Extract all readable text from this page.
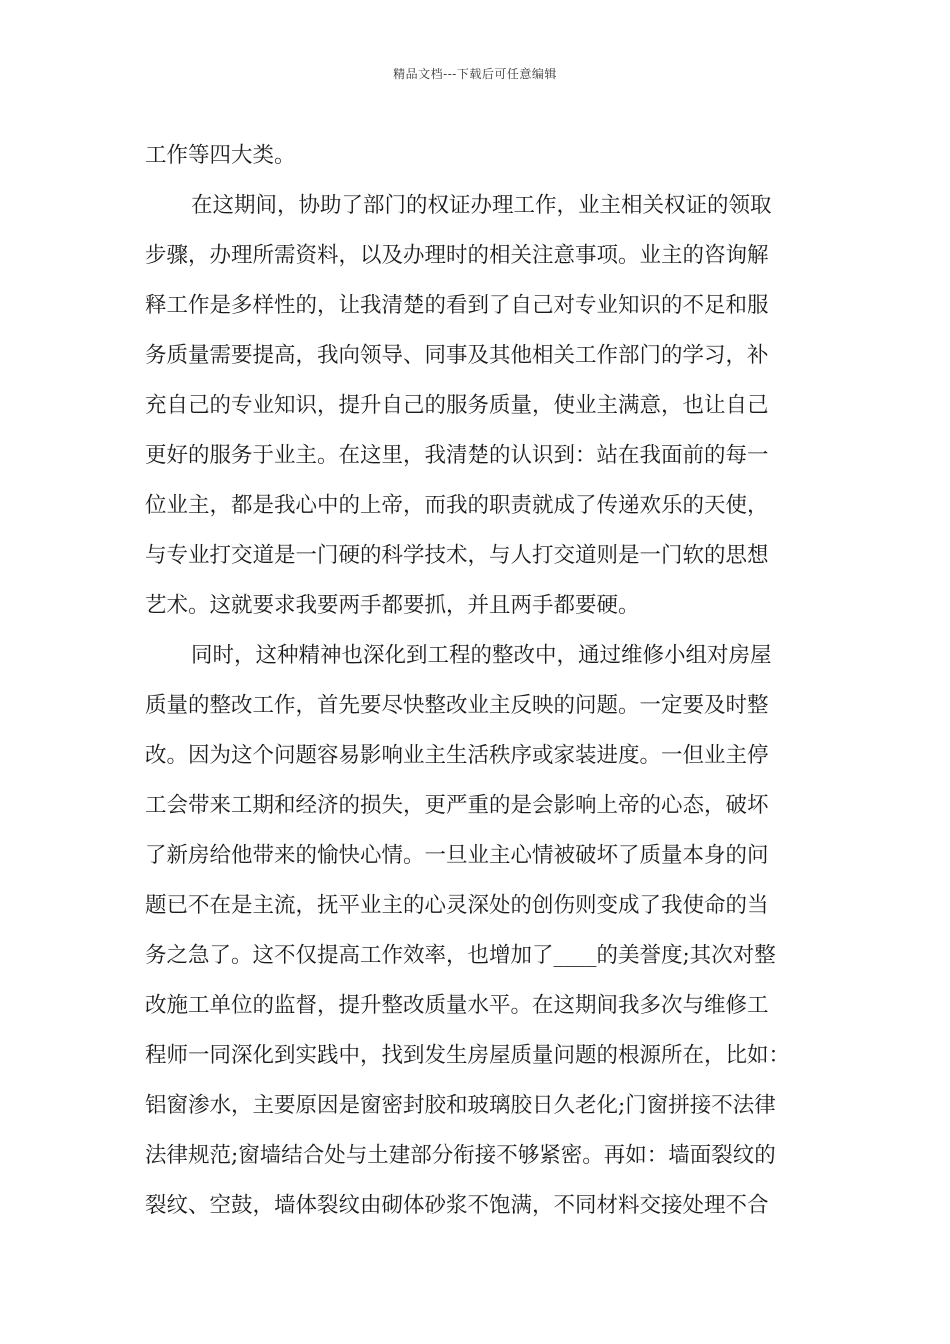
精品文档---下载后可任意编辑
工作等四大类。
在这期间，协助了部门的权证办理工作，业主相关权证的领取
步骤，办理所需资料，以及办理时的相关注意事项。业主的咨询解
释工作是多样性的，让我清楚的看到了自己对专业知识的不足和服
务质量需要提高，我向领导、同事及其他相关工作部门的学习，补
充自己的专业知识，提升自己的服务质量，使业主满意，也让自己
更好的服务于业主。在这里，我清楚的认识到：站在我面前的每一
位业主，都是我心中的上帝，而我的职责就成了传递欢乐的天使，
与专业打交道是一门硬的科学技术，与人打交道则是一门软的思想
艺术。这就要求我要两手都要抓，并且两手都要硬。
同时，这种精神也深化到工程的整改中，通过维修小组对房屋
质量的整改工作，首先要尽快整改业主反映的问题。一定要及时整
改。因为这个问题容易影响业主生活秩序或家装进度。一但业主停
工会带来工期和经济的损失，更严重的是会影响上帝的心态，破坏
了新房给他带来的愉快心情。一旦业主心情被破坏了质量本身的问
题已不在是主流，抚平业主的心灵深处的创伤则变成了我使命的当
务之急了。这不仅提高工作效率，也增加了____的美誉度;其次对整
改施工单位的监督，提升整改质量水平。在这期间我多次与维修工
程师一同深化到实践中，找到发生房屋质量问题的根源所在，比如：
铝窗渗水，主要原因是窗密封胶和玻璃胶日久老化;门窗拼接不法律
法律规范;窗墙结合处与土建部分衔接不够紧密。再如：墙面裂纹的
裂纹、空鼓，墙体裂纹由砌体砂浆不饱满，不同材料交接处理不合
